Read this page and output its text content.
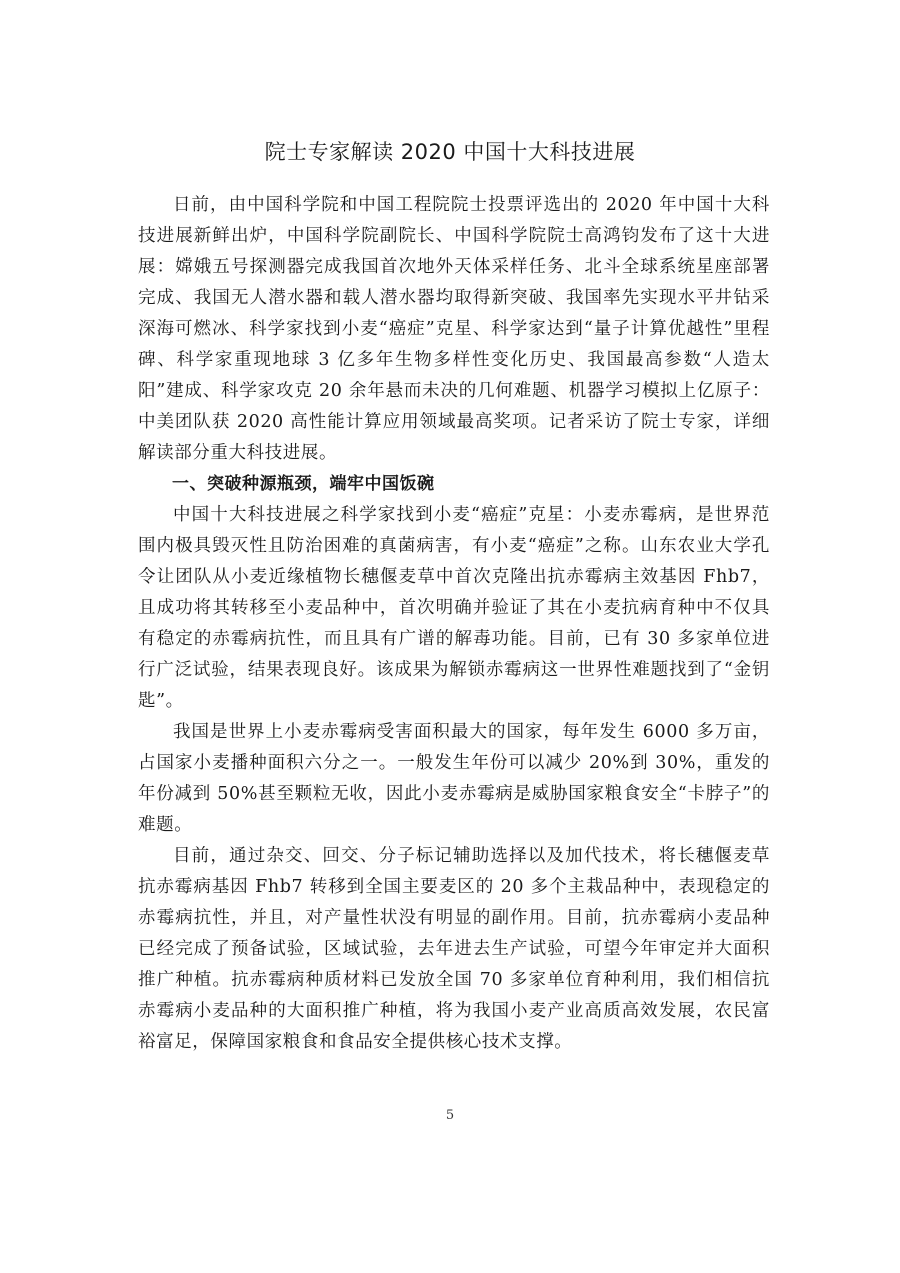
院士专家解读 2020 中国十大科技进展

日前，由中国科学院和中国工程院院士投票评选出的 2020 年中国十大科技进展新鲜出炉，中国科学院副院长、中国科学院院士高鸿钧发布了这十大进展：嫦娥五号探测器完成我国首次地外天体采样任务、北斗全球系统星座部署完成、我国无人潜水器和载人潜水器均取得新突破、我国率先实现水平井钻采深海可燃冰、科学家找到小麦“癌症”克星、科学家达到“量子计算优越性”里程碑、科学家重现地球 3 亿多年生物多样性变化历史、我国最高参数“人造太阳”建成、科学家攻克 20 余年悬而未决的几何难题、机器学习模拟上亿原子：中美团队获 2020 高性能计算应用领域最高奖项。记者采访了院士专家，详细解读部分重大科技进展。

一、突破种源瓶颈，端牢中国饭碗

中国十大科技进展之科学家找到小麦“癌症”克星：小麦赤霉病，是世界范围内极具毁灭性且防治困难的真菌病害，有小麦“癌症”之称。山东农业大学孔令让团队从小麦近缘植物长穗偃麦草中首次克隆出抗赤霉病主效基因 Fhb7，且成功将其转移至小麦品种中，首次明确并验证了其在小麦抗病育种中不仅具有稳定的赤霉病抗性，而且具有广谱的解毒功能。目前，已有 30 多家单位进行广泛试验，结果表现良好。该成果为解锁赤霉病这一世界性难题找到了“金钥匙”。

我国是世界上小麦赤霉病受害面积最大的国家，每年发生 6000 多万亩，占国家小麦播种面积六分之一。一般发生年份可以减少 20%到 30%，重发的年份减到 50%甚至颗粒无收，因此小麦赤霉病是威胁国家粮食安全“卡脖子”的难题。

目前，通过杂交、回交、分子标记辅助选择以及加代技术，将长穗偃麦草抗赤霉病基因 Fhb7 转移到全国主要麦区的 20 多个主栽品种中，表现稳定的赤霉病抗性，并且，对产量性状没有明显的副作用。目前，抗赤霉病小麦品种已经完成了预备试验，区域试验，去年进去生产试验，可望今年审定并大面积推广种植。抗赤霉病种质材料已发放全国 70 多家单位育种利用，我们相信抗赤霉病小麦品种的大面积推广种植，将为我国小麦产业高质高效发展，农民富裕富足，保障国家粮食和食品安全提供核心技术支撑。

5
